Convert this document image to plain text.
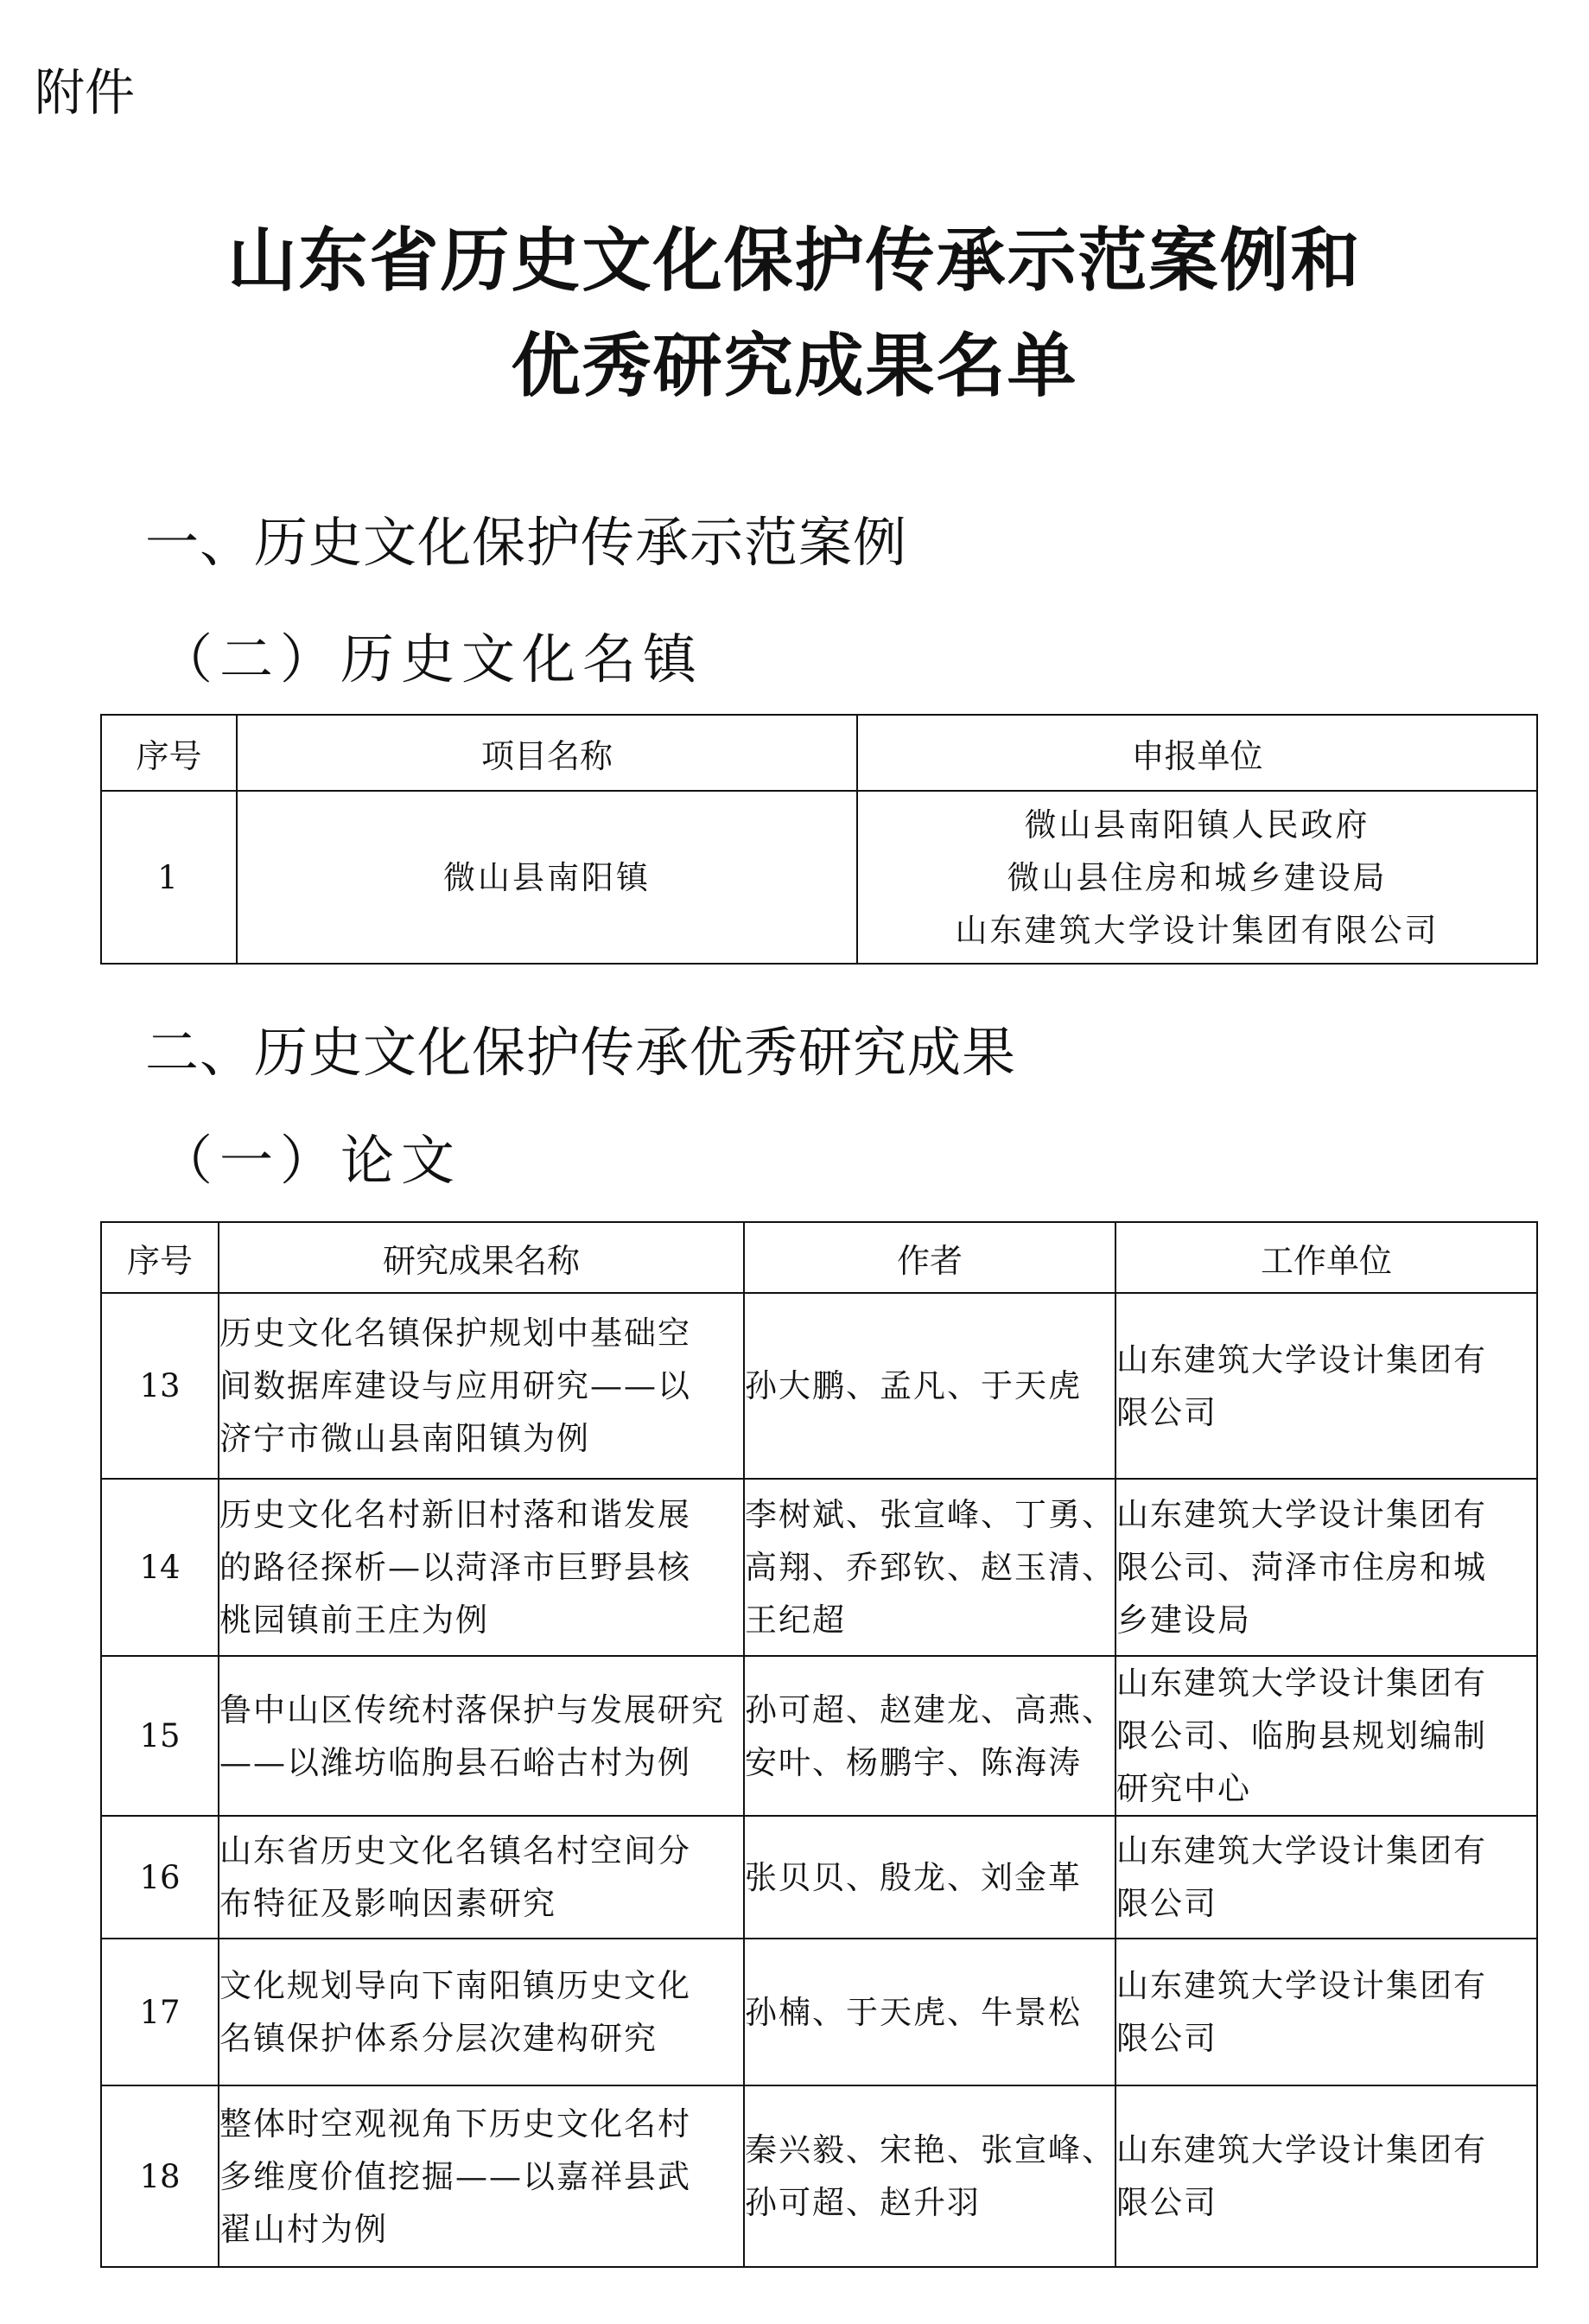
附件
山东省历史文化保护传承示范案例和
优秀研究成果名单
一、历史文化保护传承示范案例
（二）历史文化名镇
序号	项目名称	申报单位
1	微山县南阳镇	微山县南阳镇人民政府
微山县住房和城乡建设局
山东建筑大学设计集团有限公司
二、历史文化保护传承优秀研究成果
（一）论文
序号	研究成果名称	作者	工作单位
13	历史文化名镇保护规划中基础空
间数据库建设与应用研究——以
济宁市微山县南阳镇为例	孙大鹏、孟凡、于天虎	山东建筑大学设计集团有
限公司

14	历史文化名村新旧村落和谐发展
的路径探析—以菏泽市巨野县核
桃园镇前王庄为例	李树斌、张宣峰、丁勇、
高翔、乔郅钦、赵玉清、
王纪超	山东建筑大学设计集团有
限公司、菏泽市住房和城
乡建设局

15	鲁中山区传统村落保护与发展研究
——以潍坊临朐县石峪古村为例	孙可超、赵建龙、高燕、
安叶、杨鹏宇、陈海涛	山东建筑大学设计集团有
限公司、临朐县规划编制
研究中心

16	山东省历史文化名镇名村空间分
布特征及影响因素研究	张贝贝、殷龙、刘金革	山东建筑大学设计集团有
限公司

17	文化规划导向下南阳镇历史文化
名镇保护体系分层次建构研究	孙楠、于天虎、牛景松	山东建筑大学设计集团有
限公司

18	整体时空观视角下历史文化名村
多维度价值挖掘——以嘉祥县武
翟山村为例	秦兴毅、宋艳、张宣峰、
孙可超、赵升羽	山东建筑大学设计集团有
限公司
